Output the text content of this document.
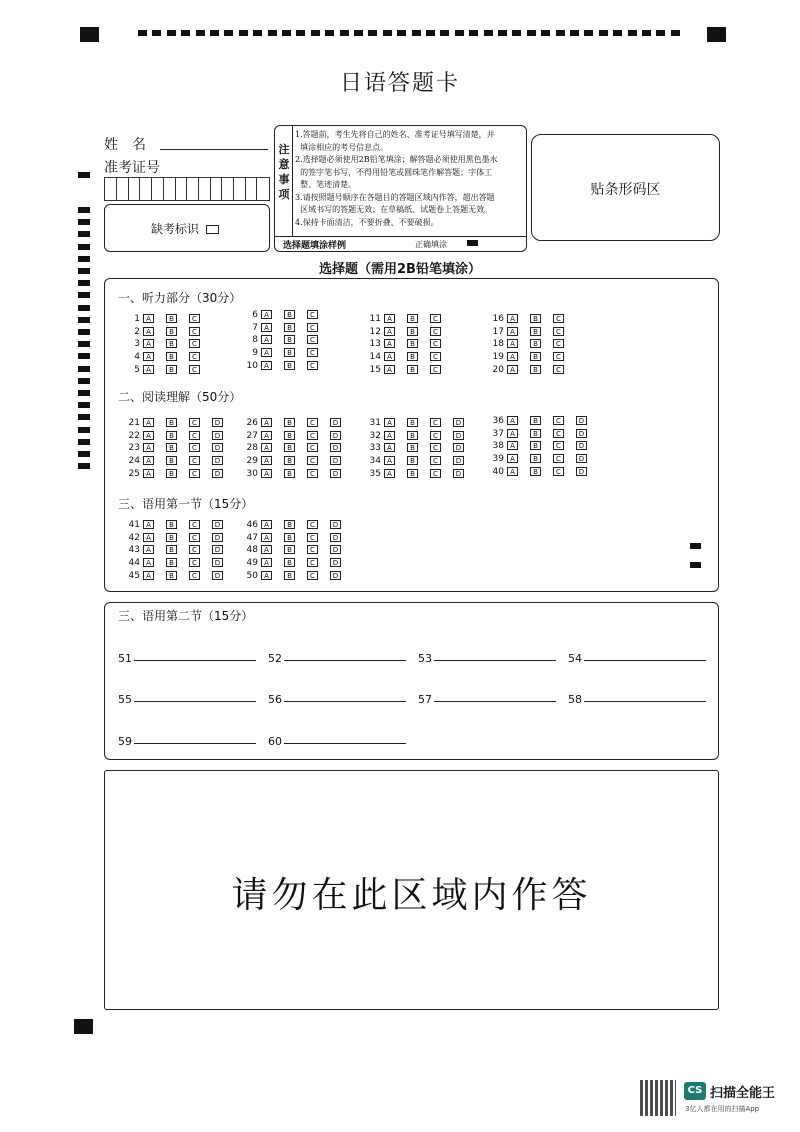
日语答题卡
姓　名
准考证号
缺考标识
注意事项
1.答题前，考生先将自己的姓名、准考证号填写清楚，并
填涂相应的考号信息点。
2.选择题必须使用2B铅笔填涂；解答题必须使用黑色墨水
的签字笔书写，不得用铅笔或圆珠笔作解答题；字体工
整、笔迹清楚。
3.请按照题号顺序在各题目的答题区域内作答，超出答题
区域书写的答题无效；在草稿纸、试题卷上答题无效。
4.保持卡面清洁，不要折叠、不要破损。
选择题填涂样例	正确填涂
贴条形码区
选择题（需用2B铅笔填涂）
一、听力部分（30分）
二、阅读理解（50分）
三、语用第一节（15分）
1 A	B	C
2 A	B	C
3 A	B	C
4 A	B	C
5 A	B	C
6 A	B	C
7 A	B	C
8 A	B	C
9 A	B	C
10 A	B	C
11 A	B	C
12 A	B	C
13 A	B	C
14 A	B	C
15 A	B	C
16 A	B	C
17 A	B	C
18 A	B	C
19 A	B	C
20 A	B	C
21 A	B	C	D
22 A	B	C	D
23 A	B	C	D
24 A	B	C	D
25 A	B	C	D
26 A	B	C	D
27 A	B	C	D
28 A	B	C	D
29 A	B	C	D
30 A	B	C	D
31 A	B	C	D
32 A	B	C	D
33 A	B	C	D
34 A	B	C	D
35 A	B	C	D
36 A	B	C	D
37 A	B	C	D
38 A	B	C	D
39 A	B	C	D
40 A	B	C	D
41 A	B	C	D
42 A	B	C	D
43 A	B	C	D
44 A	B	C	D
45 A	B	C	D
46 A	B	C	D
47 A	B	C	D
48 A	B	C	D
49 A	B	C	D
50 A	B	C	D
三、语用第二节（15分）
51	52	53	54
55	56	57	58
59	60
请勿在此区域内作答
CS 扫描全能王
3亿人都在用的扫描App
